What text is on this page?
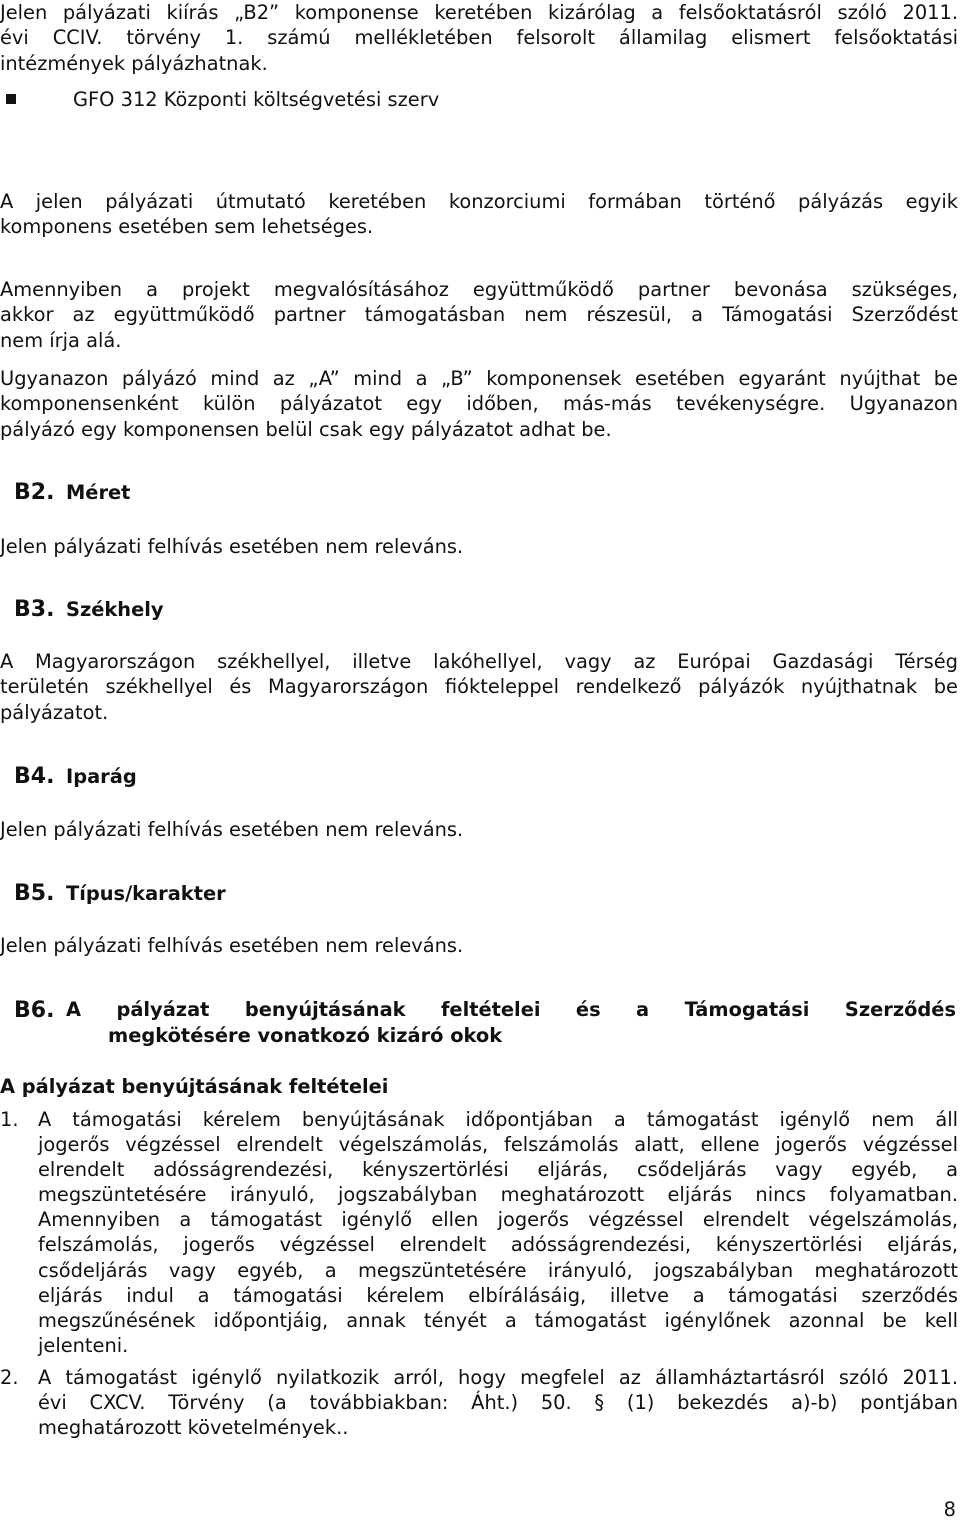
Jelen pályázati kiírás „B2” komponense keretében kizárólag a felsőoktatásról szóló 2011.
évi CCIV. törvény 1. számú mellékletében felsorolt államilag elismert felsőoktatási
intézmények pályázhatnak.
GFO 312 Központi költségvetési szerv
A jelen pályázati útmutató keretében konzorciumi formában történő pályázás egyik
komponens esetében sem lehetséges.
Amennyiben a projekt megvalósításához együttműködő partner bevonása szükséges,
akkor az együttműködő partner támogatásban nem részesül, a Támogatási Szerződést
nem írja alá.
Ugyanazon pályázó mind az „A” mind a „B” komponensek esetében egyaránt nyújthat be
komponensenként külön pályázatot egy időben, más-más tevékenységre. Ugyanazon
pályázó egy komponensen belül csak egy pályázatot adhat be.
B2. Méret
Jelen pályázati felhívás esetében nem releváns.
B3. Székhely
A Magyarországon székhellyel, illetve lakóhellyel, vagy az Európai Gazdasági Térség
területén székhellyel és Magyarországon fiókteleppel rendelkező pályázók nyújthatnak be
pályázatot.
B4. Iparág
Jelen pályázati felhívás esetében nem releváns.
B5. Típus/karakter
Jelen pályázati felhívás esetében nem releváns.
B6. A pályázat benyújtásának feltételei és a Támogatási Szerződés
megkötésére vonatkozó kizáró okok
A pályázat benyújtásának feltételei
1. A támogatási kérelem benyújtásának időpontjában a támogatást igénylő nem áll
jogerős végzéssel elrendelt végelszámolás, felszámolás alatt, ellene jogerős végzéssel
elrendelt adósságrendezési, kényszertörlési eljárás, csődeljárás vagy egyéb, a
megszüntetésére irányuló, jogszabályban meghatározott eljárás nincs folyamatban.
Amennyiben a támogatást igénylő ellen jogerős végzéssel elrendelt végelszámolás,
felszámolás, jogerős végzéssel elrendelt adósságrendezési, kényszertörlési eljárás,
csődeljárás vagy egyéb, a megszüntetésére irányuló, jogszabályban meghatározott
eljárás indul a támogatási kérelem elbírálásáig, illetve a támogatási szerződés
megszűnésének időpontjáig, annak tényét a támogatást igénylőnek azonnal be kell
jelenteni.
2. A támogatást igénylő nyilatkozik arról, hogy megfelel az államháztartásról szóló 2011.
évi CXCV. Törvény (a továbbiakban: Áht.) 50. § (1) bekezdés a)-b) pontjában
meghatározott követelmények..
8
